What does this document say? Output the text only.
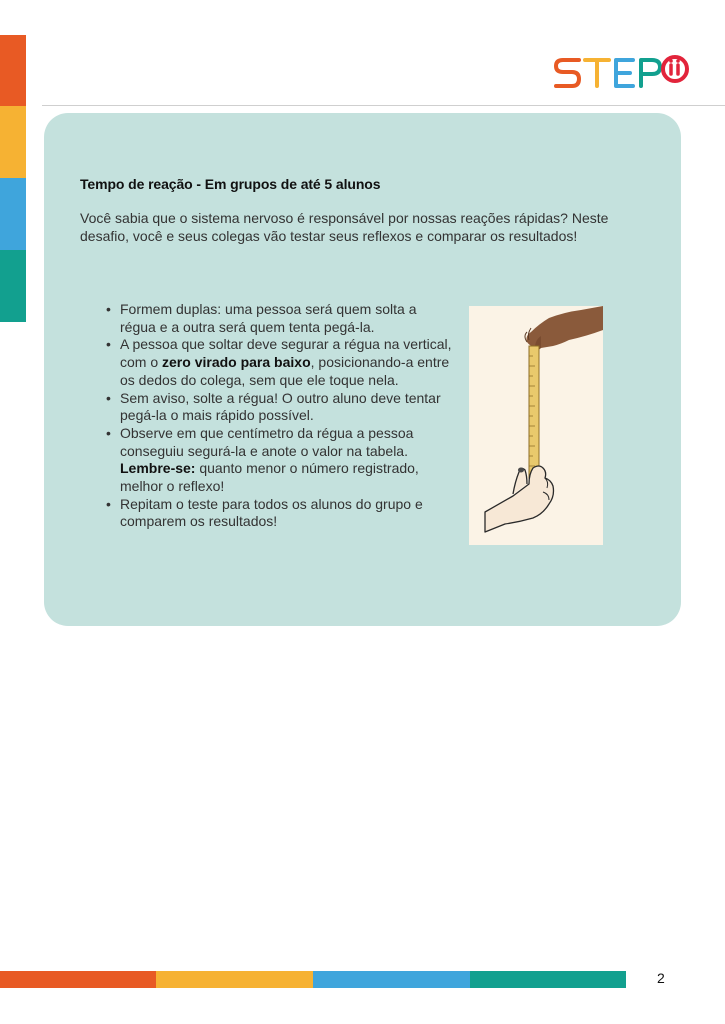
Tempo de reação - Em grupos de até 5 alunos

Você sabia que o sistema nervoso é responsável por nossas reações rápidas? Neste desafio, você e seus colegas vão testar seus reflexos e comparar os resultados!

• Formem duplas: uma pessoa será quem solta a régua e a outra será quem tenta pegá-la.
• A pessoa que soltar deve segurar a régua na vertical, com o zero virado para baixo, posicionando-a entre os dedos do colega, sem que ele toque nela.
• Sem aviso, solte a régua! O outro aluno deve tentar pegá-la o mais rápido possível.
• Observe em que centímetro da régua a pessoa conseguiu segurá-la e anote o valor na tabela. Lembre-se: quanto menor o número registrado, melhor o reflexo!
• Repitam o teste para todos os alunos do grupo e comparem os resultados!
2
